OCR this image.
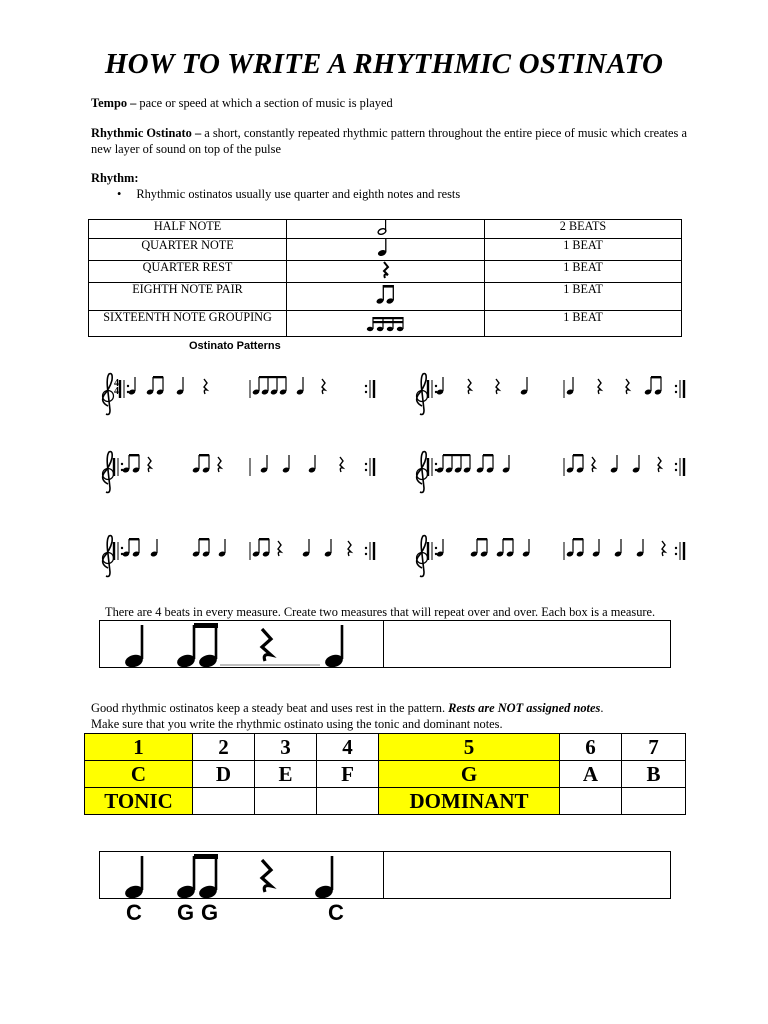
HOW TO WRITE A RHYTHMIC OSTINATO
Tempo – pace or speed at which a section of music is played
Rhythmic Ostinato – a short, constantly repeated rhythmic pattern throughout the entire piece of music which creates a new layer of sound on top of the pulse
Rhythm:
• Rhythmic ostinatos usually use quarter and eighth notes and rests
HALF NOTE		2 BEATS
QUARTER NOTE		1 BEAT
QUARTER REST		1 BEAT
EIGHTH NOTE PAIR		1 BEAT
SIXTEENTH NOTE GROUPING		1 BEAT
Ostinato Patterns
4
4
There are 4 beats in every measure. Create two measures that will repeat over and over. Each box is a measure.
Good rhythmic ostinatos keep a steady beat and uses rest in the pattern. Rests are NOT assigned notes.
Make sure that you write the rhythmic ostinato using the tonic and dominant notes.
1	2	3	4	5	6	7
C	D	E	F	G	A	B
TONIC				DOMINANT		
C G G	C
